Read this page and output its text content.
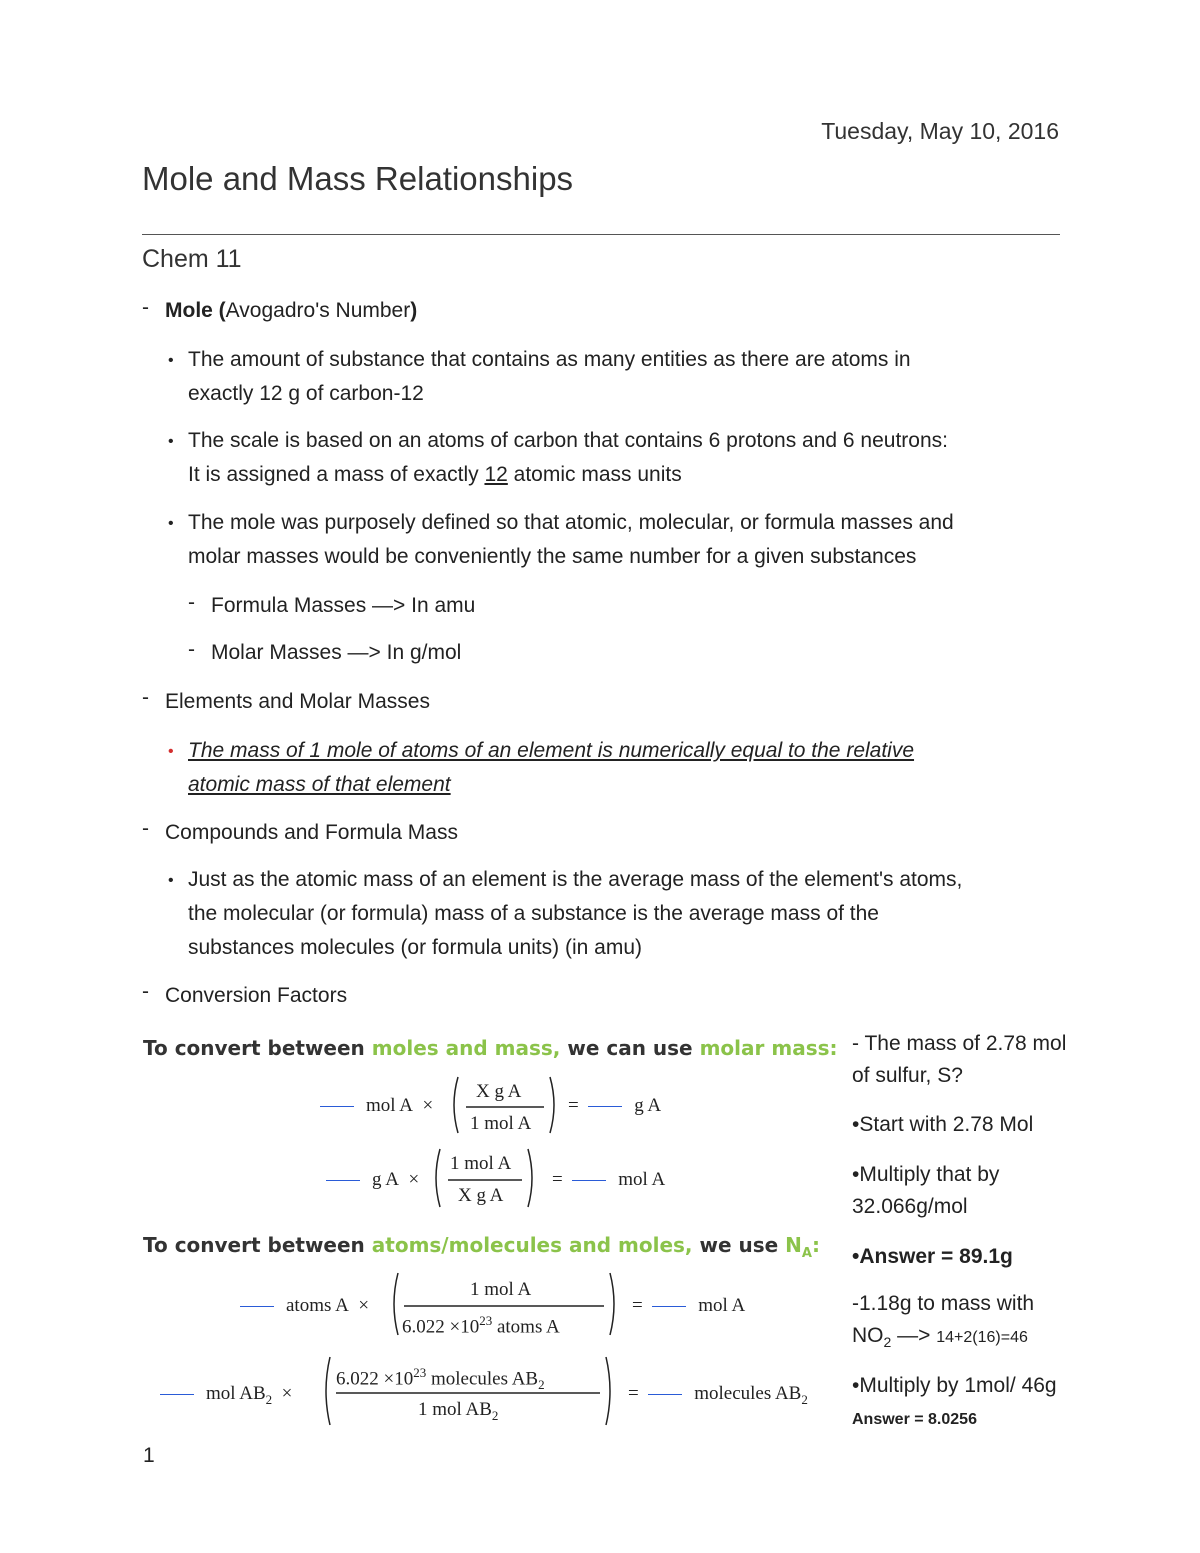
Tuesday, May 10, 2016
Mole and Mass Relationships
Chem 11
- Mole (Avogadro's Number)
• The amount of substance that contains as many entities as there are atoms in
exactly 12 g of carbon-12
• The scale is based on an atoms of carbon that contains 6 protons and 6 neutrons:
It is assigned a mass of exactly 12 atomic mass units
• The mole was purposely defined so that atomic, molecular, or formula masses and
molar masses would be conveniently the same number for a given substances
- Formula Masses —> In amu
- Molar Masses —> In g/mol
- Elements and Molar Masses
• The mass of 1 mole of atoms of an element is numerically equal to the relative
atomic mass of that element
- Compounds and Formula Mass
• Just as the atomic mass of an element is the average mass of the element's atoms,
the molecular (or formula) mass of a substance is the average mass of the
substances molecules (or formula units) (in amu)
- Conversion Factors
To convert between moles and mass, we can use molar mass:
mol A ×
X g A
1 mol A
=	g A
g A ×
1 mol A
X g A
=	mol A
To convert between atoms/molecules and moles, we use $N_A$:
atoms A ×
1 mol A
$6.022 \times 10^{23}$ atoms A
=	mol A
mol $AB_2$ ×
$6.022 \times 10^{23}$ molecules $AB_2$
1 mol $AB_2$
=	molecules $AB_2$
- The mass of 2.78 mol of sulfur, S?
•Start with 2.78 Mol
•Multiply that by 32.066g/mol
•Answer = 89.1g
-1.18g to mass with $NO_2$ —> 14+2(16)=46
•Multiply by 1mol/ 46g Answer = 8.0256
1
